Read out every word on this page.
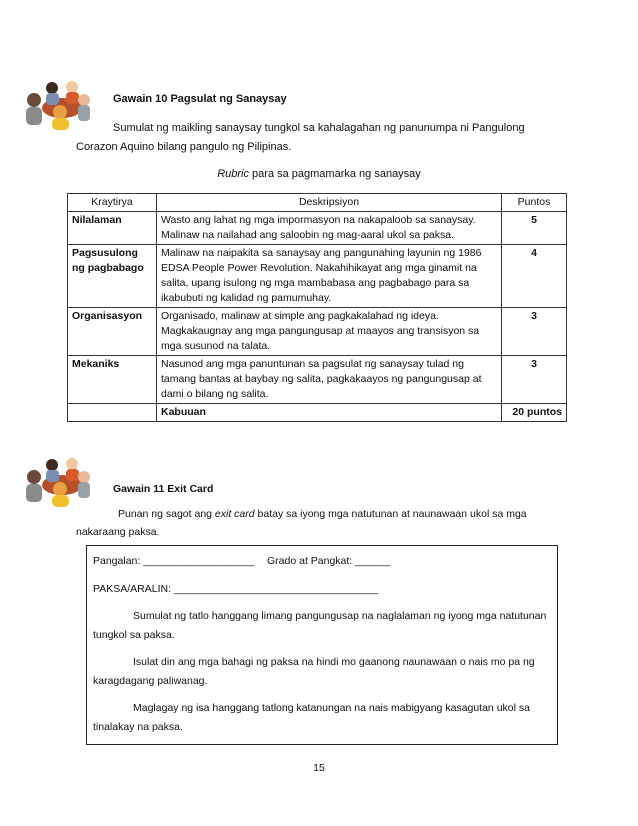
Gawain 10 Pagsulat ng Sanaysay
Sumulat ng maikling sanaysay tungkol sa kahalagahan ng panunumpa ni Pangulong
Corazon Aquino bilang pangulo ng Pilipinas.
Rubric para sa pagmamarka ng sanaysay
Kraytirya	Deskripsiyon	Puntos
Nilalaman	Wasto ang lahat ng mga impormasyon na nakapaloob sa sanaysay. Malinaw na nailahad ang saloobin ng mag-aaral ukol sa paksa.	5
Pagsusulong ng pagbabago	Malinaw na naipakita sa sanaysay ang pangunahing layunin ng 1986 EDSA People Power Revolution. Nakahihikayat ang mga ginamit na salita, upang isulong ng mga mambabasa ang pagbabago para sa ikabubuti ng kalidad ng pamumuhay.	4
Organisasyon	Organisado, malinaw at simple ang pagkakalahad ng ideya. Magkakaugnay ang mga pangungusap at maayos ang transisyon sa mga susunod na talata.	3
Mekaniks	Nasunod ang mga panuntunan sa pagsulat ng sanaysay tulad ng tamang bantas at baybay ng salita, pagkakaayos ng pangungusap at dami o bilang ng salita.	3
	Kabuuan	20 puntos
Gawain 11 Exit Card
Punan ng sagot ang exit card batay sa iyong mga natutunan at naunawaan ukol sa mga
nakaraang paksa.
Pangalan: ___________________ Grado at Pangkat: ______
PAKSA/ARALIN: ___________________________________
Sumulat ng tatlo hanggang limang pangungusap na naglalaman ng iyong mga natutunan
tungkol sa paksa.
Isulat din ang mga bahagi ng paksa na hindi mo gaanong naunawaan o nais mo pa ng
karagdagang paliwanag.
Maglagay ng isa hanggang tatlong katanungan na nais mabigyang kasagutan ukol sa
tinalakay na paksa.
15
